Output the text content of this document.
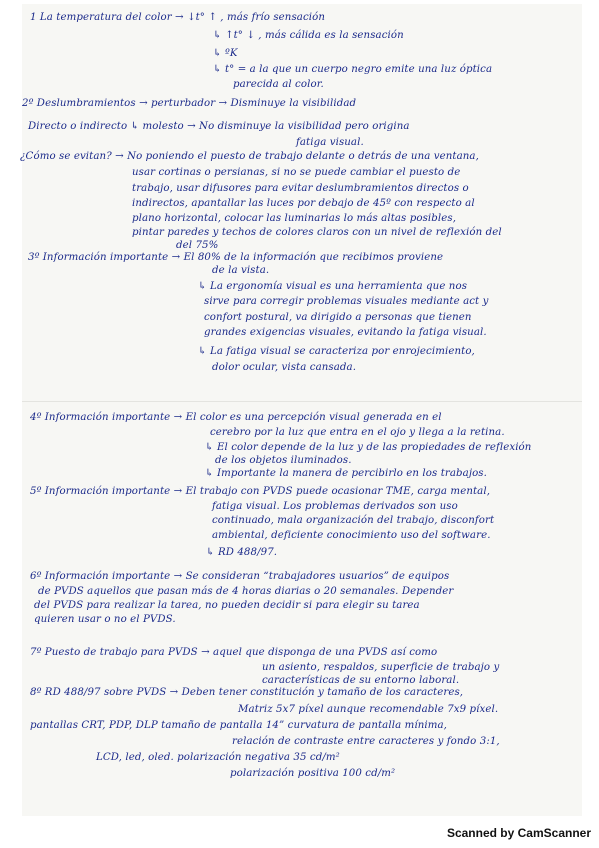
1 La temperatura del color → ↓t° ↑ , más frío sensación
↳ ↑t° ↓ , más cálida es la sensación
↳ ºK
↳ t° = a la que un cuerpo negro emite una luz óptica
parecida al color.
2º Deslumbramientos → perturbador → Disminuye la visibilidad
Directo o indirecto ↳ molesto → No disminuye la visibilidad pero origina
fatiga visual.
¿Cómo se evitan? → No poniendo el puesto de trabajo delante o detrás de una ventana,
usar cortinas o persianas, si no se puede cambiar el puesto de
trabajo, usar difusores para evitar deslumbramientos directos o
indirectos, apantallar las luces por debajo de 45º con respecto al
plano horizontal, colocar las luminarias lo más altas posibles,
pintar paredes y techos de colores claros con un nivel de reflexión del
del 75%
3º Información importante → El 80% de la información que recibimos proviene
de la vista.
↳ La ergonomía visual es una herramienta que nos
sirve para corregir problemas visuales mediante act y
confort postural, va dirigido a personas que tienen
grandes exigencias visuales, evitando la fatiga visual.
↳ La fatiga visual se caracteriza por enrojecimiento,
dolor ocular, vista cansada.
4º Información importante → El color es una percepción visual generada en el
cerebro por la luz que entra en el ojo y llega a la retina.
↳ El color depende de la luz y de las propiedades de reflexión
de los objetos iluminados.
↳ Importante la manera de percibirlo en los trabajos.
5º Información importante → El trabajo con PVDS puede ocasionar TME, carga mental,
fatiga visual. Los problemas derivados son uso
continuado, mala organización del trabajo, disconfort
ambiental, deficiente conocimiento uso del software.
↳ RD 488/97.
6º Información importante → Se consideran “trabajadores usuarios” de equipos
de PVDS aquellos que pasan más de 4 horas diarias o 20 semanales. Depender
del PVDS para realizar la tarea, no pueden decidir si para elegir su tarea
quieren usar o no el PVDS.
7º Puesto de trabajo para PVDS → aquel que disponga de una PVDS así como
un asiento, respaldos, superficie de trabajo y
características de su entorno laboral.
8º RD 488/97 sobre PVDS → Deben tener constitución y tamaño de los caracteres,
Matriz 5x7 píxel aunque recomendable 7x9 píxel.
pantallas CRT, PDP, DLP tamaño de pantalla 14” curvatura de pantalla mínima,
relación de contraste entre caracteres y fondo 3:1,
LCD, led, oled. polarización negativa 35 cd/m²
polarización positiva 100 cd/m²
Scanned by CamScanner
